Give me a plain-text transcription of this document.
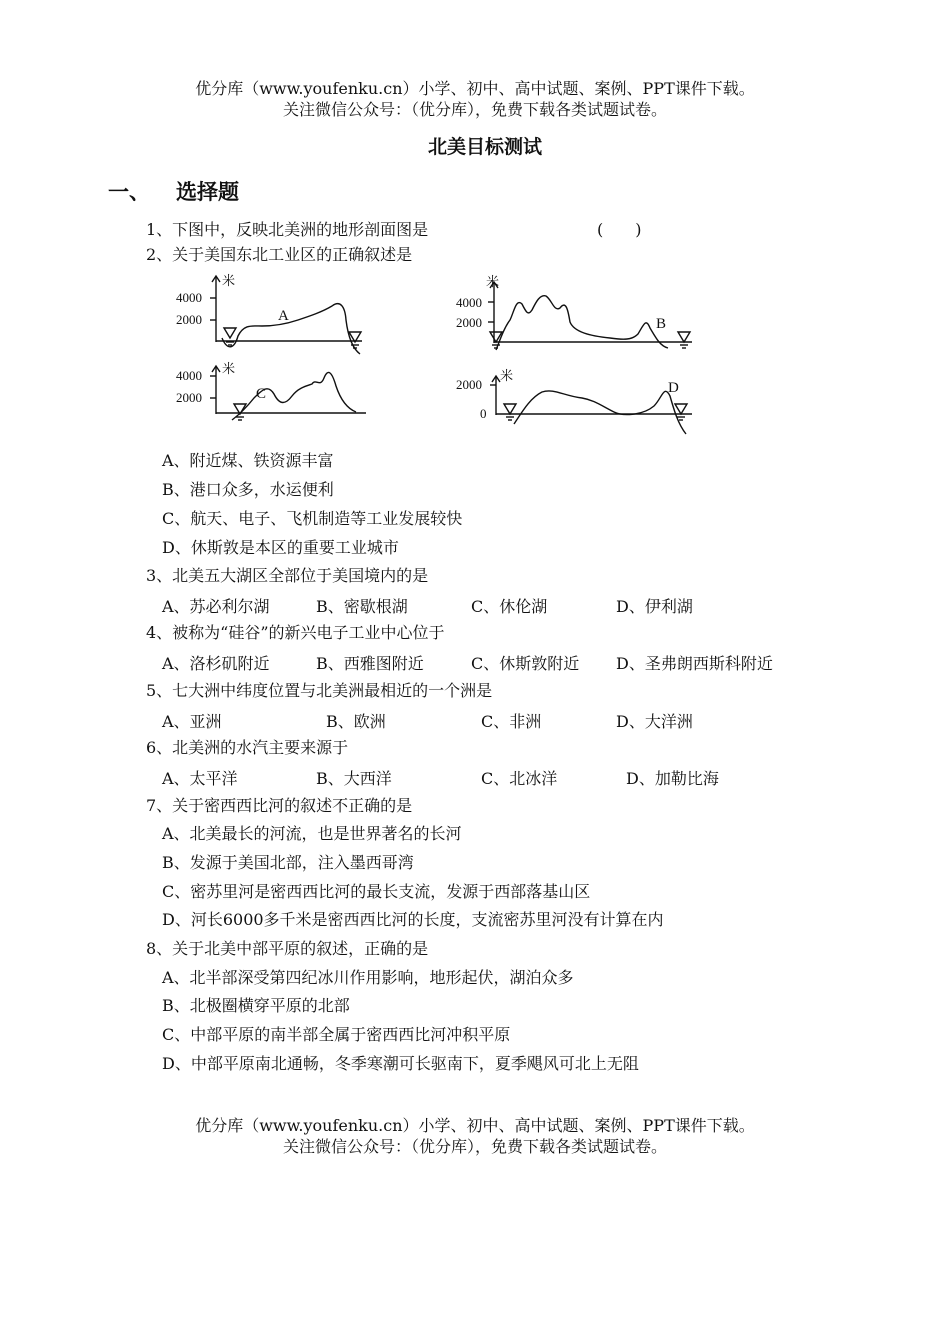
优分库（www.youfenku.cn）小学、初中、高中试题、案例、PPT课件下载。
关注微信公众号：（优分库），免费下载各类试题试卷。
北美目标测试
一、 选择题
1、下图中，反映北美洲的地形剖面图是	(　　)
2、关于美国东北工业区的正确叙述是
米
4000
2000	A
米
4000
2000	B
米
4000
2000	C
米
2000
0
D
A、附近煤、铁资源丰富
B、港口众多，水运便利
C、航天、电子、飞机制造等工业发展较快
D、休斯敦是本区的重要工业城市
3、北美五大湖区全部位于美国境内的是
A、苏必利尔湖	B、密歇根湖	C、休伦湖	D、伊利湖
4、被称为“硅谷”的新兴电子工业中心位于
A、洛杉矶附近	B、西雅图附近	C、休斯敦附近 D、圣弗朗西斯科附近
5、七大洲中纬度位置与北美洲最相近的一个洲是
A、亚洲	B、欧洲	C、非洲	D、大洋洲
6、北美洲的水汽主要来源于
A、太平洋	B、大西洋	C、北冰洋	D、加勒比海
7、关于密西西比河的叙述不正确的是
A、北美最长的河流，也是世界著名的长河
B、发源于美国北部，注入墨西哥湾
C、密苏里河是密西西比河的最长支流，发源于西部落基山区
D、河长6000多千米是密西西比河的长度，支流密苏里河没有计算在内
8、关于北美中部平原的叙述，正确的是
A、北半部深受第四纪冰川作用影响，地形起伏，湖泊众多
B、北极圈横穿平原的北部
C、中部平原的南半部全属于密西西比河冲积平原
D、中部平原南北通畅，冬季寒潮可长驱南下，夏季飓风可北上无阻
优分库（www.youfenku.cn）小学、初中、高中试题、案例、PPT课件下载。
关注微信公众号：（优分库），免费下载各类试题试卷。
